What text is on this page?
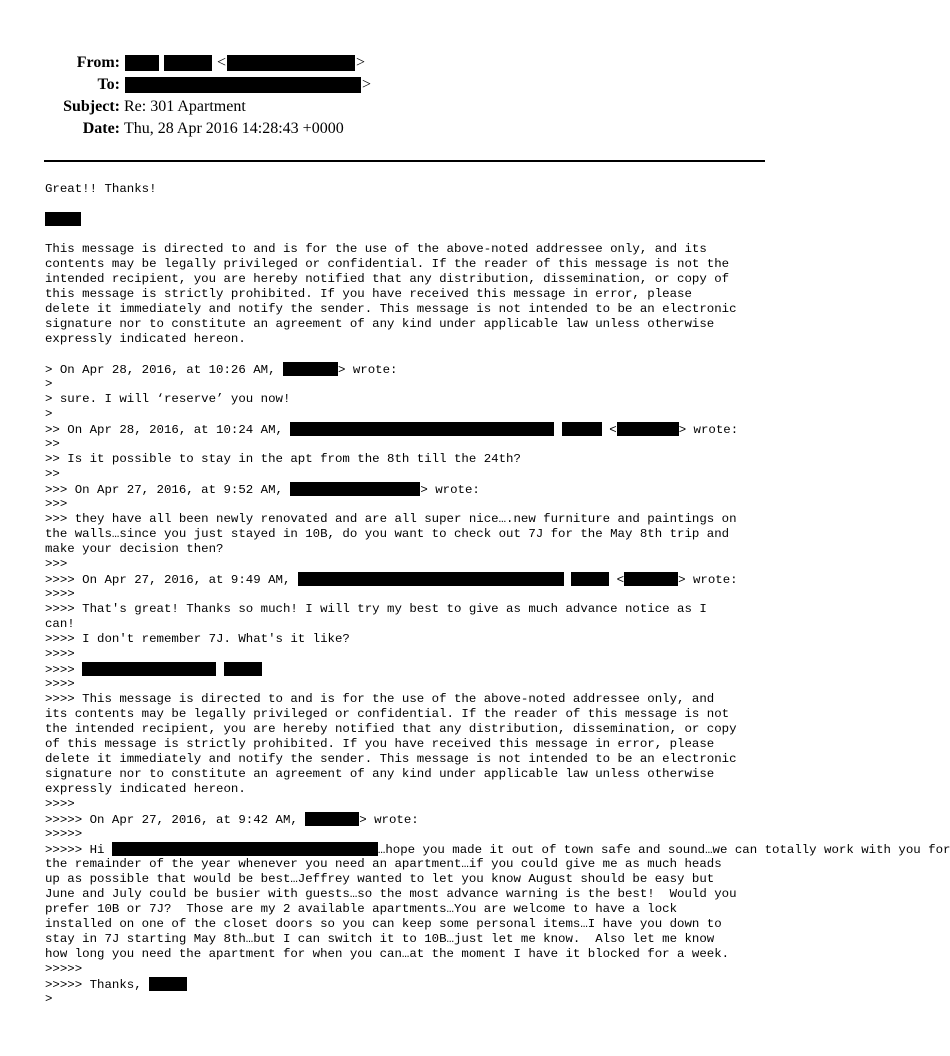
From:	<	>
To:	>
Subject: Re: 301 Apartment
Date: Thu, 28 Apr 2016 14:28:43 +0000
Great!! Thanks!
This message is directed to and is for the use of the above-noted addressee only, and its
contents may be legally privileged or confidential. If the reader of this message is not the
intended recipient, you are hereby notified that any distribution, dissemination, or copy of
this message is strictly prohibited. If you have received this message in error, please
delete it immediately and notify the sender. This message is not intended to be an electronic
signature nor to constitute an agreement of any kind under applicable law unless otherwise
expressly indicated hereon.
> On Apr 28, 2016, at 10:26 AM,	> wrote:
>
> sure. I will ‘reserve’ you now!
>
>> On Apr 28, 2016, at 10:24 AM,	<	> wrote:
>>
>> Is it possible to stay in the apt from the 8th till the 24th?
>>
>>> On Apr 27, 2016, at 9:52 AM,	> wrote:
>>>
>>> they have all been newly renovated and are all super nice….new furniture and paintings on
the walls…since you just stayed in 10B, do you want to check out 7J for the May 8th trip and
make your decision then?
>>>
>>>> On Apr 27, 2016, at 9:49 AM,	<	> wrote:
>>>>
>>>> That's great! Thanks so much! I will try my best to give as much advance notice as I
can!
>>>> I don't remember 7J. What's it like?
>>>>
>>>>
>>>>
>>>> This message is directed to and is for the use of the above-noted addressee only, and
its contents may be legally privileged or confidential. If the reader of this message is not
the intended recipient, you are hereby notified that any distribution, dissemination, or copy
of this message is strictly prohibited. If you have received this message in error, please
delete it immediately and notify the sender. This message is not intended to be an electronic
signature nor to constitute an agreement of any kind under applicable law unless otherwise
expressly indicated hereon.
>>>>
>>>>> On Apr 27, 2016, at 9:42 AM,	> wrote:
>>>>>
>>>>> Hi	…hope you made it out of town safe and sound…we can totally work with you for
the remainder of the year whenever you need an apartment…if you could give me as much heads
up as possible that would be best…Jeffrey wanted to let you know August should be easy but
June and July could be busier with guests…so the most advance warning is the best!  Would you
prefer 10B or 7J?  Those are my 2 available apartments…You are welcome to have a lock
installed on one of the closet doors so you can keep some personal items…I have you down to
stay in 7J starting May 8th…but I can switch it to 10B…just let me know.  Also let me know
how long you need the apartment for when you can…at the moment I have it blocked for a week.
>>>>>
>>>>> Thanks,
>
